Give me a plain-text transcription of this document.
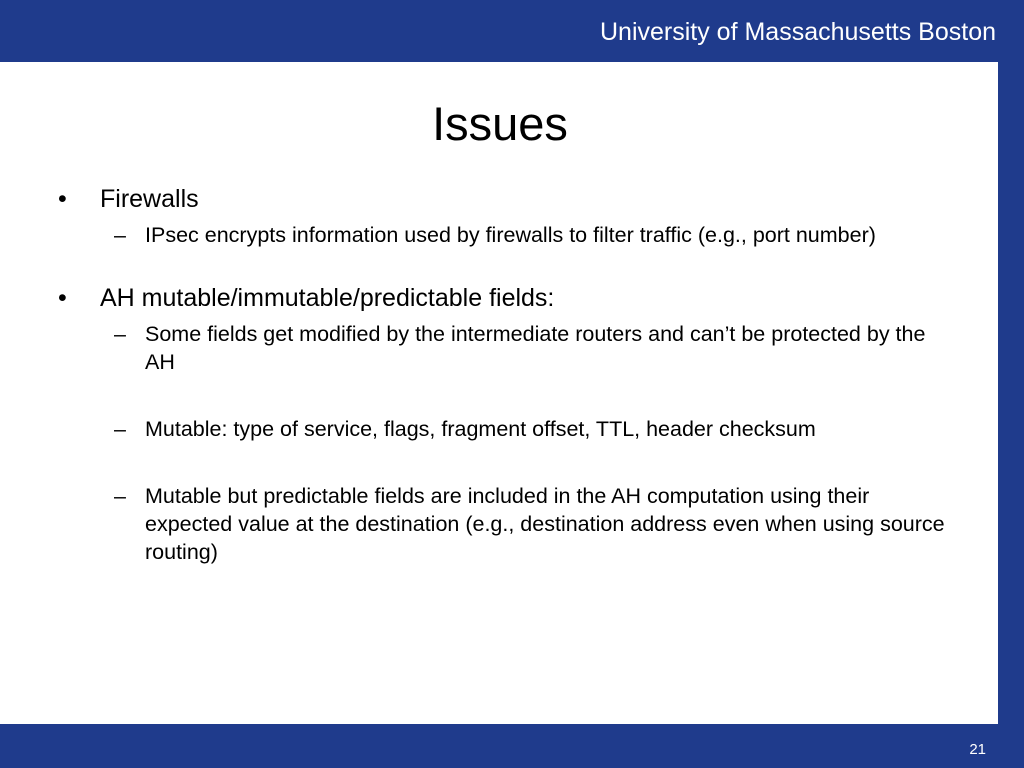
University of Massachusetts Boston
Issues
• Firewalls
– IPsec encrypts information used by firewalls to filter traffic (e.g., port number)
• AH mutable/immutable/predictable fields:
– Some fields get modified by the intermediate routers and can’t be protected by the AH
– Mutable: type of service, flags, fragment offset, TTL, header checksum
– Mutable but predictable fields are included in the AH computation using their expected value at the destination (e.g., destination address even when using source routing)
21
